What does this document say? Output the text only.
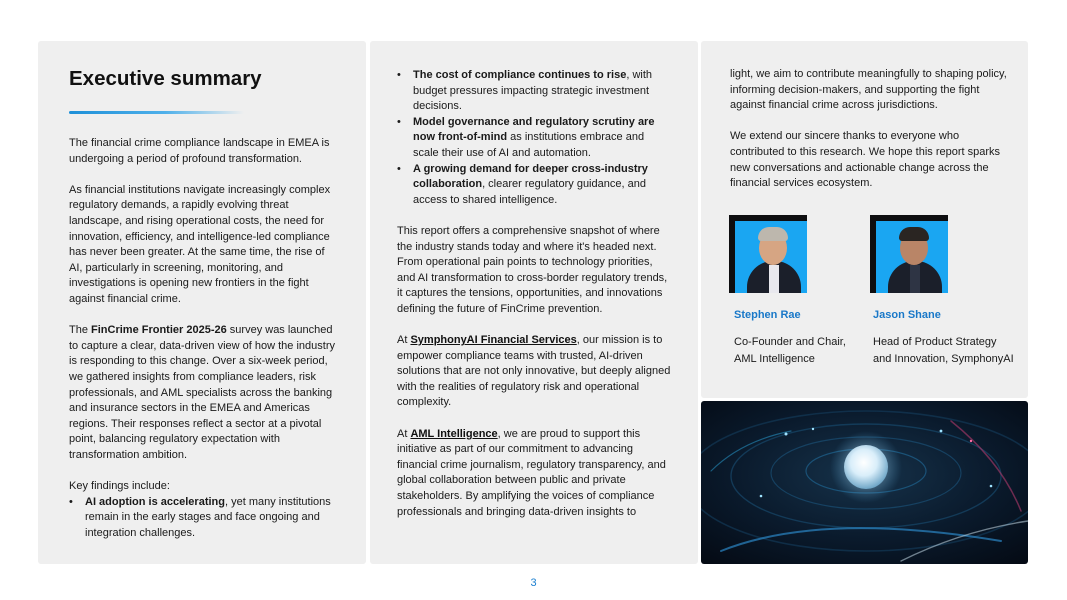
Executive summary

The financial crime compliance landscape in EMEA is undergoing a period of profound transformation.

As financial institutions navigate increasingly complex regulatory demands, a rapidly evolving threat landscape, and rising operational costs, the need for innovation, efficiency, and intelligence-led compliance has never been greater. At the same time, the rise of AI, particularly in screening, monitoring, and investigations is opening new frontiers in the fight against financial crime.

The FinCrime Frontier 2025-26 survey was launched to capture a clear, data-driven view of how the industry is responding to this change. Over a six-week period, we gathered insights from compliance leaders, risk professionals, and AML specialists across the banking and insurance sectors in the EMEA and Americas regions. Their responses reflect a sector at a pivotal point, balancing regulatory expectation with transformation ambition.

Key findings include:
• AI adoption is accelerating, yet many institutions remain in the early stages and face ongoing and integration challenges.
• The cost of compliance continues to rise, with budget pressures impacting strategic investment decisions.
• Model governance and regulatory scrutiny are now front-of-mind as institutions embrace and scale their use of AI and automation.
• A growing demand for deeper cross-industry collaboration, clearer regulatory guidance, and access to shared intelligence.

This report offers a comprehensive snapshot of where the industry stands today and where it's headed next. From operational pain points to technology priorities, and AI transformation to cross-border regulatory trends, it captures the tensions, opportunities, and innovations defining the future of FinCrime prevention.

At SymphonyAI Financial Services, our mission is to empower compliance teams with trusted, AI-driven solutions that are not only innovative, but deeply aligned with the realities of regulatory risk and operational complexity.

At AML Intelligence, we are proud to support this initiative as part of our commitment to advancing financial crime journalism, regulatory transparency, and global collaboration between public and private stakeholders. By amplifying the voices of compliance professionals and bringing data-driven insights to

light, we aim to contribute meaningfully to shaping policy, informing decision-makers, and supporting the fight against financial crime across jurisdictions.

We extend our sincere thanks to everyone who contributed to this research. We hope this report sparks new conversations and actionable change across the financial services ecosystem.

Stephen Rae
Co-Founder and Chair,
AML Intelligence
Jason Shane
Head of Product Strategy
and Innovation, SymphonyAI
3
